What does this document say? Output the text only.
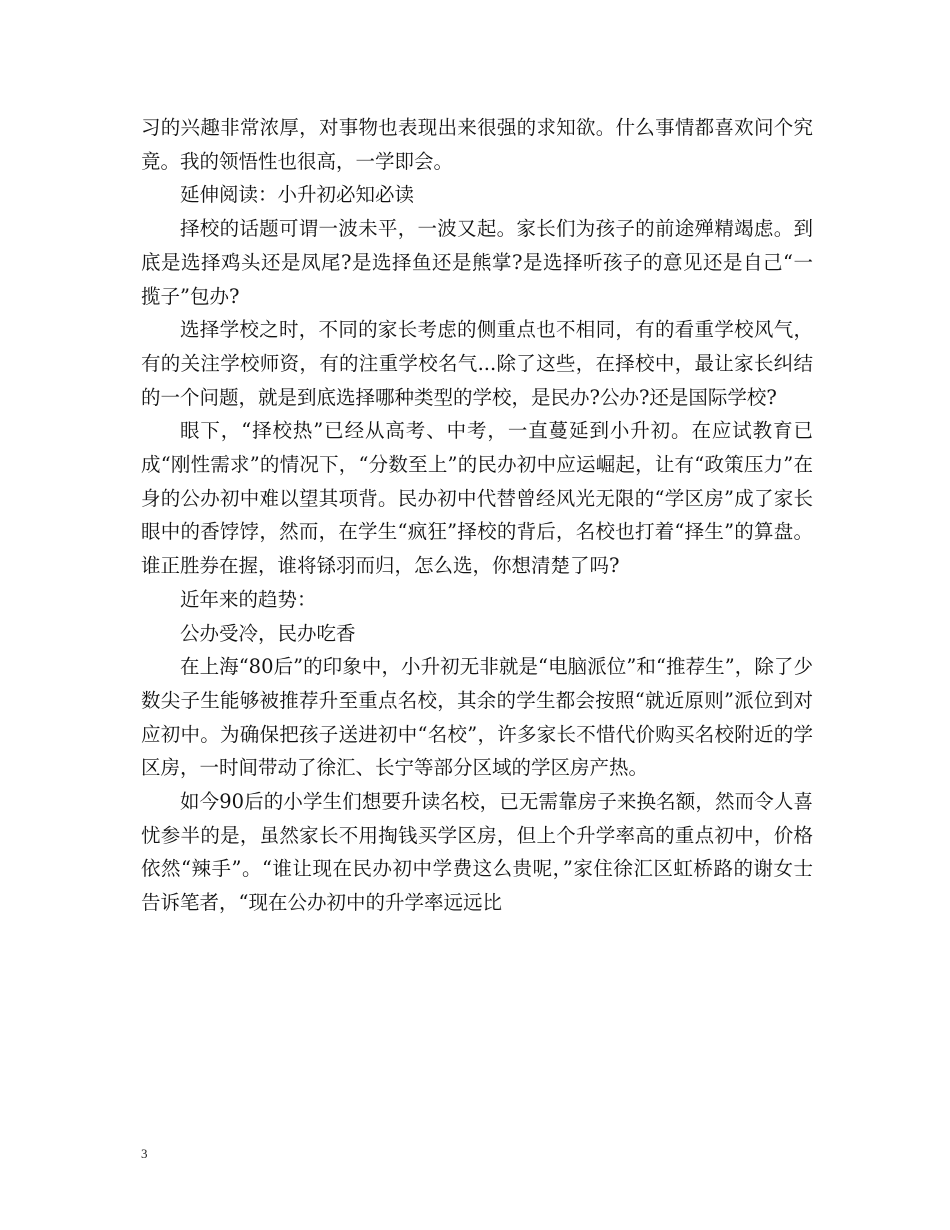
习的兴趣非常浓厚，对事物也表现出来很强的求知欲。什么事情都喜欢问个究竟。我的领悟性也很高，一学即会。

延伸阅读：小升初必知必读

择校的话题可谓一波未平，一波又起。家长们为孩子的前途殚精竭虑。到底是选择鸡头还是凤尾?是选择鱼还是熊掌?是选择听孩子的意见还是自己“一揽子”包办?

选择学校之时，不同的家长考虑的侧重点也不相同，有的看重学校风气，有的关注学校师资，有的注重学校名气...除了这些，在择校中，最让家长纠结的一个问题，就是到底选择哪种类型的学校，是民办?公办?还是国际学校?

眼下，“择校热”已经从高考、中考，一直蔓延到小升初。在应试教育已成“刚性需求”的情况下，“分数至上”的民办初中应运崛起，让有“政策压力”在身的公办初中难以望其项背。民办初中代替曾经风光无限的“学区房”成了家长眼中的香饽饽，然而，在学生“疯狂”择校的背后，名校也打着“择生”的算盘。谁正胜券在握，谁将铩羽而归，怎么选，你想清楚了吗?

近年来的趋势：

公办受冷，民办吃香

在上海“80后”的印象中，小升初无非就是“电脑派位”和“推荐生”，除了少数尖子生能够被推荐升至重点名校，其余的学生都会按照“就近原则”派位到对应初中。为确保把孩子送进初中“名校”，许多家长不惜代价购买名校附近的学区房，一时间带动了徐汇、长宁等部分区域的学区房产热。

如今90后的小学生们想要升读名校，已无需靠房子来换名额，然而令人喜忧参半的是，虽然家长不用掏钱买学区房，但上个升学率高的重点初中，价格依然“辣手”。“谁让现在民办初中学费这么贵呢，”家住徐汇区虹桥路的谢女士告诉笔者，“现在公办初中的升学率远远比

3
